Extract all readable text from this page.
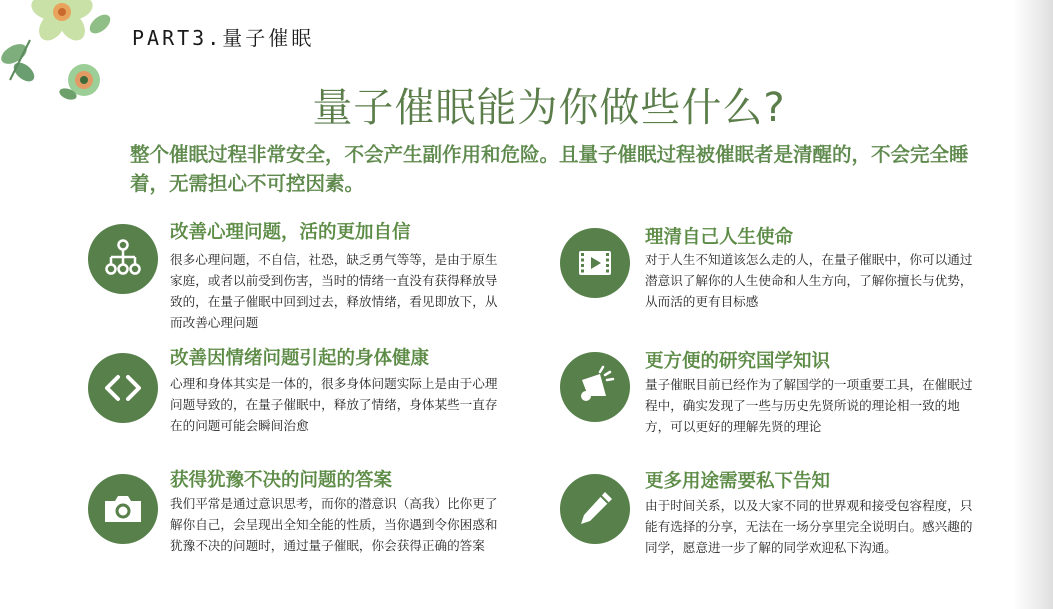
PART3.量子催眠
量子催眠能为你做些什么?
整个催眠过程非常安全，不会产生副作用和危险。且量子催眠过程被催眠者是清醒的，不会完全睡着，无需担心不可控因素。
改善心理问题，活的更加自信
很多心理问题，不自信，社恐，缺乏勇气等等，是由于原生家庭，或者以前受到伤害，当时的情绪一直没有获得释放导致的，在量子催眠中回到过去，释放情绪，看见即放下，从而改善心理问题
理清自己人生使命
对于人生不知道该怎么走的人，在量子催眠中，你可以通过潜意识了解你的人生使命和人生方向，了解你擅长与优势，从而活的更有目标感
改善因情绪问题引起的身体健康
心理和身体其实是一体的，很多身体问题实际上是由于心理问题导致的，在量子催眠中，释放了情绪，身体某些一直存在的问题可能会瞬间治愈
更方便的研究国学知识
量子催眠目前已经作为了解国学的一项重要工具，在催眠过程中，确实发现了一些与历史先贤所说的理论相一致的地方，可以更好的理解先贤的理论
获得犹豫不决的问题的答案
我们平常是通过意识思考，而你的潜意识（高我）比你更了解你自己，会呈现出全知全能的性质，当你遇到令你困惑和犹豫不决的问题时，通过量子催眠，你会获得正确的答案
更多用途需要私下告知
由于时间关系，以及大家不同的世界观和接受包容程度，只能有选择的分享，无法在一场分享里完全说明白。感兴趣的同学，愿意进一步了解的同学欢迎私下沟通。
